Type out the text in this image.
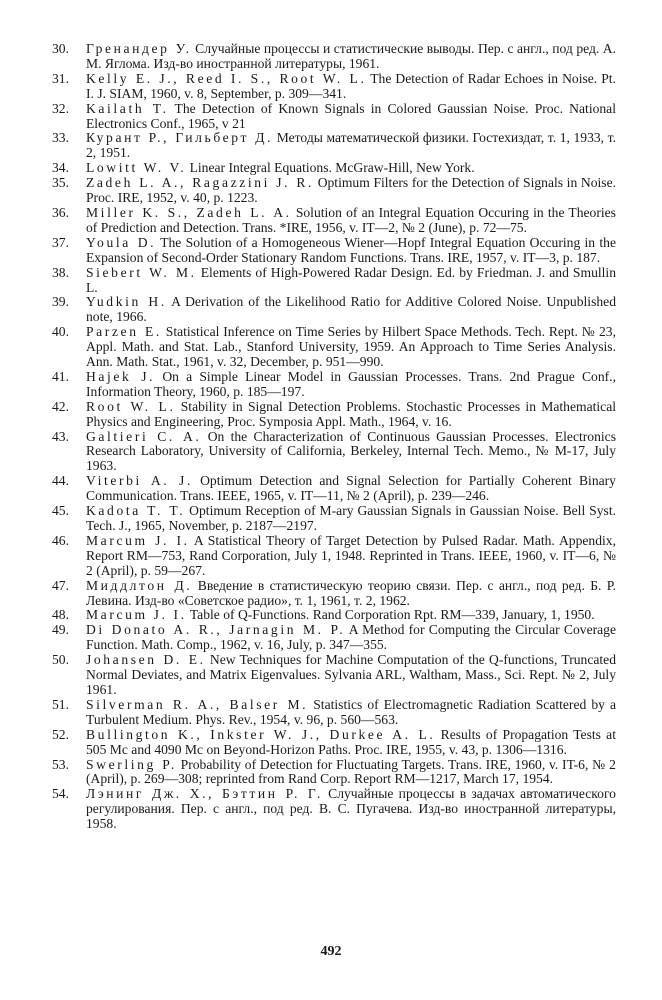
30.	Гренандер У. Случайные процессы и статистические выводы. Пер. с англ., под ред. А. М. Яглома. Изд-во иностранной литературы, 1961.
31.	Kelly E. J., Reed I. S., Root W. L. The Detection of Radar Echoes in Noise. Pt. I. J. SIAM, 1960, v. 8, September, p. 309—341.
32.	Kailath T. The Detection of Known Signals in Colored Gaussian Noise. Proc. National Electronics Conf., 1965, v 21
33.	Курант Р., Гильберт Д. Методы математической физики. Гостехиздат, т. 1, 1933, т. 2, 1951.
34.	Lowitt W. V. Linear Integral Equations. McGraw-Hill, New York.
35.	Zadeh L. A., Ragazzini J. R. Optimum Filters for the Detection of Signals in Noise. Proc. IRE, 1952, v. 40, p. 1223.
36.	Miller K. S., Zadeh L. A. Solution of an Integral Equation Occuring in the Theories of Prediction and Detection. Trans. *IRE, 1956, v. IT—2, № 2 (June), p. 72—75.
37.	Youla D. The Solution of a Homogeneous Wiener—Hopf Integral Equation Occuring in the Expansion of Second-Order Stationary Random Functions. Trans. IRE, 1957, v. IT—3, p. 187.
38.	Siebert W. M. Elements of High-Powered Radar Design. Ed. by Friedman. J. and Smullin L.
39.	Yudkin H. A Derivation of the Likelihood Ratio for Additive Colored Noise. Unpublished note, 1966.
40.	Parzen E. Statistical Inference on Time Series by Hilbert Space Methods. Tech. Rept. № 23, Appl. Math. and Stat. Lab., Stanford University, 1959. An Approach to Time Series Analysis. Ann. Math. Stat., 1961, v. 32, December, p. 951—990.
41.	Hajek J. On a Simple Linear Model in Gaussian Processes. Trans. 2nd Prague Conf., Information Theory, 1960, p. 185—197.
42.	Root W. L. Stability in Signal Detection Problems. Stochastic Processes in Mathematical Physics and Engineering, Proc. Symposia Appl. Math., 1964, v. 16.
43.	Galtieri C. A. On the Characterization of Continuous Gaussian Processes. Electronics Research Laboratory, University of California, Berkeley, Internal Tech. Memo., № M-17, July 1963.
44.	Viterbi A. J. Optimum Detection and Signal Selection for Partially Coherent Binary Communication. Trans. IEEE, 1965, v. IT—11, № 2 (April), p. 239—246.
45.	Kadota T. T. Optimum Reception of M-ary Gaussian Signals in Gaussian Noise. Bell Syst. Tech. J., 1965, November, p. 2187—2197.
46.	Marcum J. I. A Statistical Theory of Target Detection by Pulsed Radar. Math. Appendix, Report RM—753, Rand Corporation, July 1, 1948. Reprinted in Trans. IEEE, 1960, v. IT—6, № 2 (April), p. 59—267.
47.	Миддлтон Д. Введение в статистическую теорию связи. Пер. с англ., под ред. Б. Р. Левина. Изд-во «Советское радио», т. 1, 1961, т. 2, 1962.
48.	Marcum J. I. Table of Q-Functions. Rand Corporation Rpt. RM—339, January, 1, 1950.
49.	Di Donato A. R., Jarnagin M. P. A Method for Computing the Circular Coverage Function. Math. Comp., 1962, v. 16, July, p. 347—355.
50.	Johansen D. E. New Techniques for Machine Computation of the Q-functions, Truncated Normal Deviates, and Matrix Eigenvalues. Sylvania ARL, Waltham, Mass., Sci. Rept. № 2, July 1961.
51.	Silverman R. A., Balser M. Statistics of Electromagnetic Radiation Scattered by a Turbulent Medium. Phys. Rev., 1954, v. 96, p. 560—563.
52.	Bullington K., Inkster W. J., Durkee A. L. Results of Propagation Tests at 505 Mc and 4090 Mc on Beyond-Horizon Paths. Proc. IRE, 1955, v. 43, p. 1306—1316.
53.	Swerling P. Probability of Detection for Fluctuating Targets. Trans. IRE, 1960, v. IT-6, № 2 (April), p. 269—308; reprinted from Rand Corp. Report RM—1217, March 17, 1954.
54.	Лэнинг Дж. Х., Бэттин Р. Г. Случайные процессы в задачах автоматического регулирования. Пер. с англ., под ред. В. С. Пугачева. Изд-во иностранной литературы, 1958.
492
